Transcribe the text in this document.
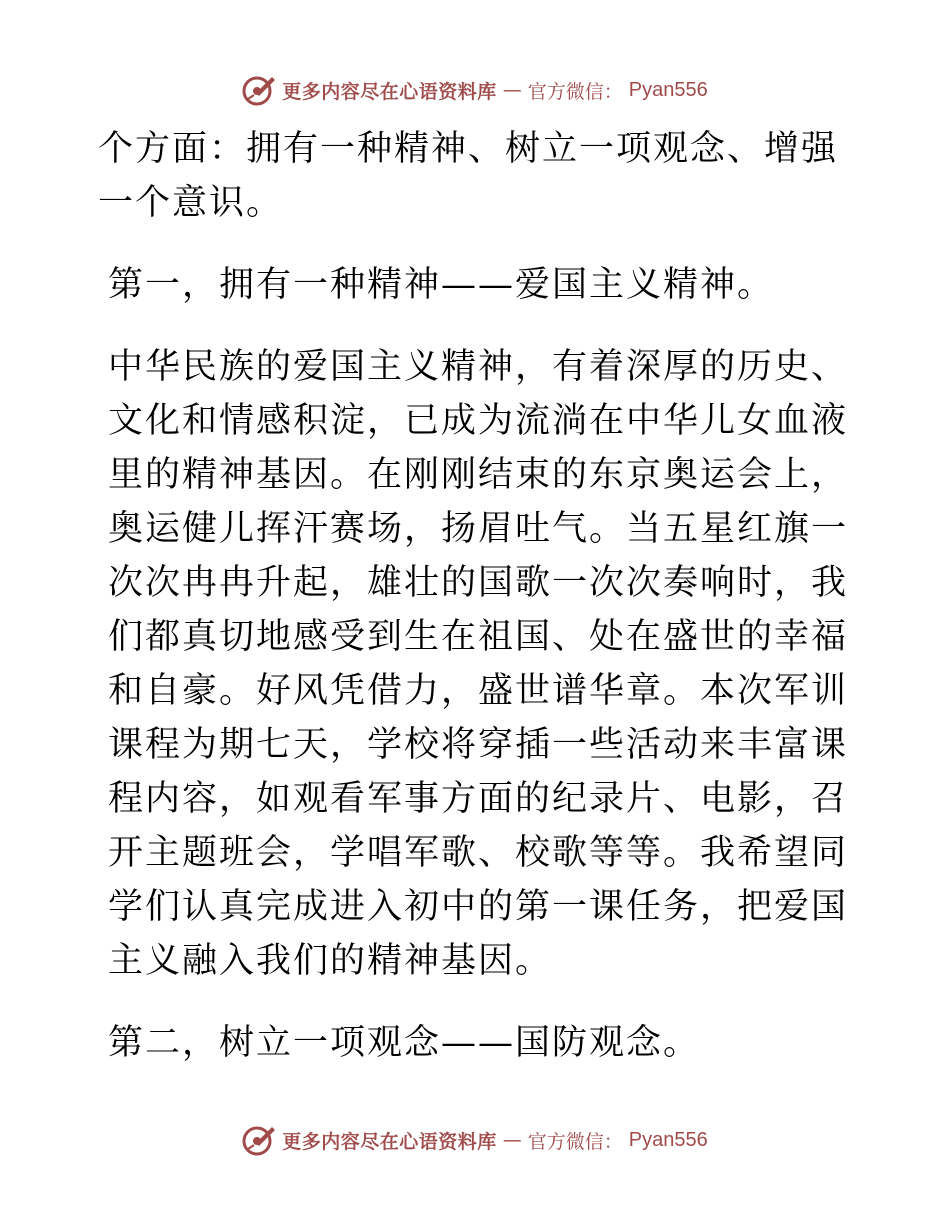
更多内容尽在心语资料库 — 官方微信： Pyan556

个方面：拥有一种精神、树立一项观念、增强一个意识。

第一，拥有一种精神——爱国主义精神。

中华民族的爱国主义精神，有着深厚的历史、文化和情感积淀，已成为流淌在中华儿女血液里的精神基因。在刚刚结束的东京奥运会上，奥运健儿挥汗赛场，扬眉吐气。当五星红旗一次次冉冉升起，雄壮的国歌一次次奏响时，我们都真切地感受到生在祖国、处在盛世的幸福和自豪。好风凭借力，盛世谱华章。本次军训课程为期七天，学校将穿插一些活动来丰富课程内容，如观看军事方面的纪录片、电影，召开主题班会，学唱军歌、校歌等等。我希望同学们认真完成进入初中的第一课任务，把爱国主义融入我们的精神基因。

第二，树立一项观念——国防观念。

更多内容尽在心语资料库 — 官方微信： Pyan556
